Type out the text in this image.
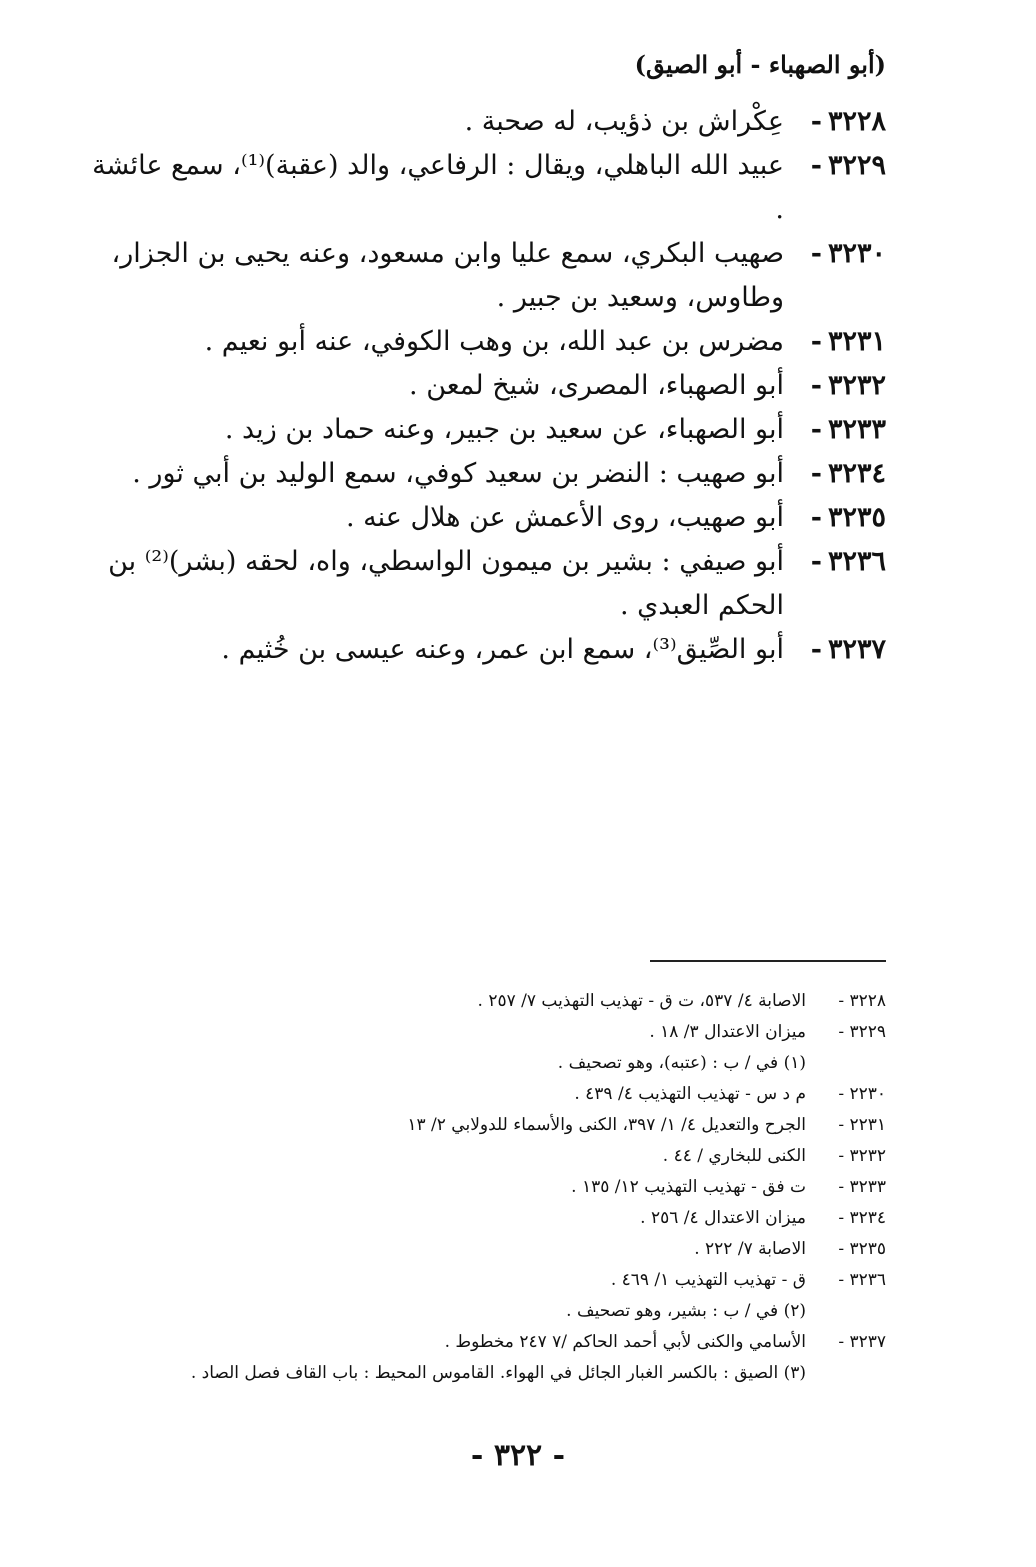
(أبو الصهباء - أبو الصيق)
٣٢٢٨-
عِكْراش بن ذؤيب، له صحبة .
٣٢٢٩-
عبيد الله الباهلي، ويقال : الرفاعي، والد (عقبة)⁽¹⁾، سمع عائشة .
٣٢٣٠-
صهيب البكري، سمع عليا وابن مسعود، وعنه يحيى بن الجزار، وطاوس، وسعيد بن جبير .
٣٢٣١-
مضرس بن عبد الله، بن وهب الكوفي، عنه أبو نعيم .
٣٢٣٢-
أبو الصهباء، المصرى، شيخ لمعن .
٣٢٣٣-
أبو الصهباء، عن سعيد بن جبير، وعنه حماد بن زيد .
٣٢٣٤-
أبو صهيب : النضر بن سعيد كوفي، سمع الوليد بن أبي ثور .
٣٢٣٥-
أبو صهيب، روى الأعمش عن هلال عنه .
٣٢٣٦-
أبو صيفي : بشير بن ميمون الواسطي، واه، لحقه (بشر)⁽²⁾ بن الحكم العبدي .
٣٢٣٧-
أبو الصِّيق⁽³⁾، سمع ابن عمر، وعنه عيسى بن خُثيم .
٣٢٢٨ -
الاصابة ٤/ ٥٣٧، ت ق - تهذيب التهذيب ٧/ ٢٥٧ .
٣٢٢٩ -
ميزان الاعتدال ٣/ ١٨ .
(١) في / ب : (عتبه)، وهو تصحيف .
٢٢٣٠ -
م د س - تهذيب التهذيب ٤/ ٤٣٩ .
٢٢٣١ -
الجرح والتعديل ٤/ ١/ ٣٩٧، الكنى والأسماء للدولابي ٢/ ١٣
٣٢٣٢ -
الكنى للبخاري / ٤٤ .
٣٢٣٣ -
ت فق - تهذيب التهذيب ١٢/ ١٣٥ .
٣٢٣٤ -
ميزان الاعتدال ٤/ ٢٥٦ .
٣٢٣٥ -
الاصابة ٧/ ٢٢٢ .
٣٢٣٦ -
ق - تهذيب التهذيب ١/ ٤٦٩ .
(٢) في / ب : بشير، وهو تصحيف .
٣٢٣٧ -
الأسامي والكنى لأبي أحمد الحاكم /٧ ٢٤٧ مخطوط .
(٣) الصيق : بالكسر الغبار الجائل في الهواء. القاموس المحيط : باب القاف فصل الصاد .
- ٣٢٢ -
